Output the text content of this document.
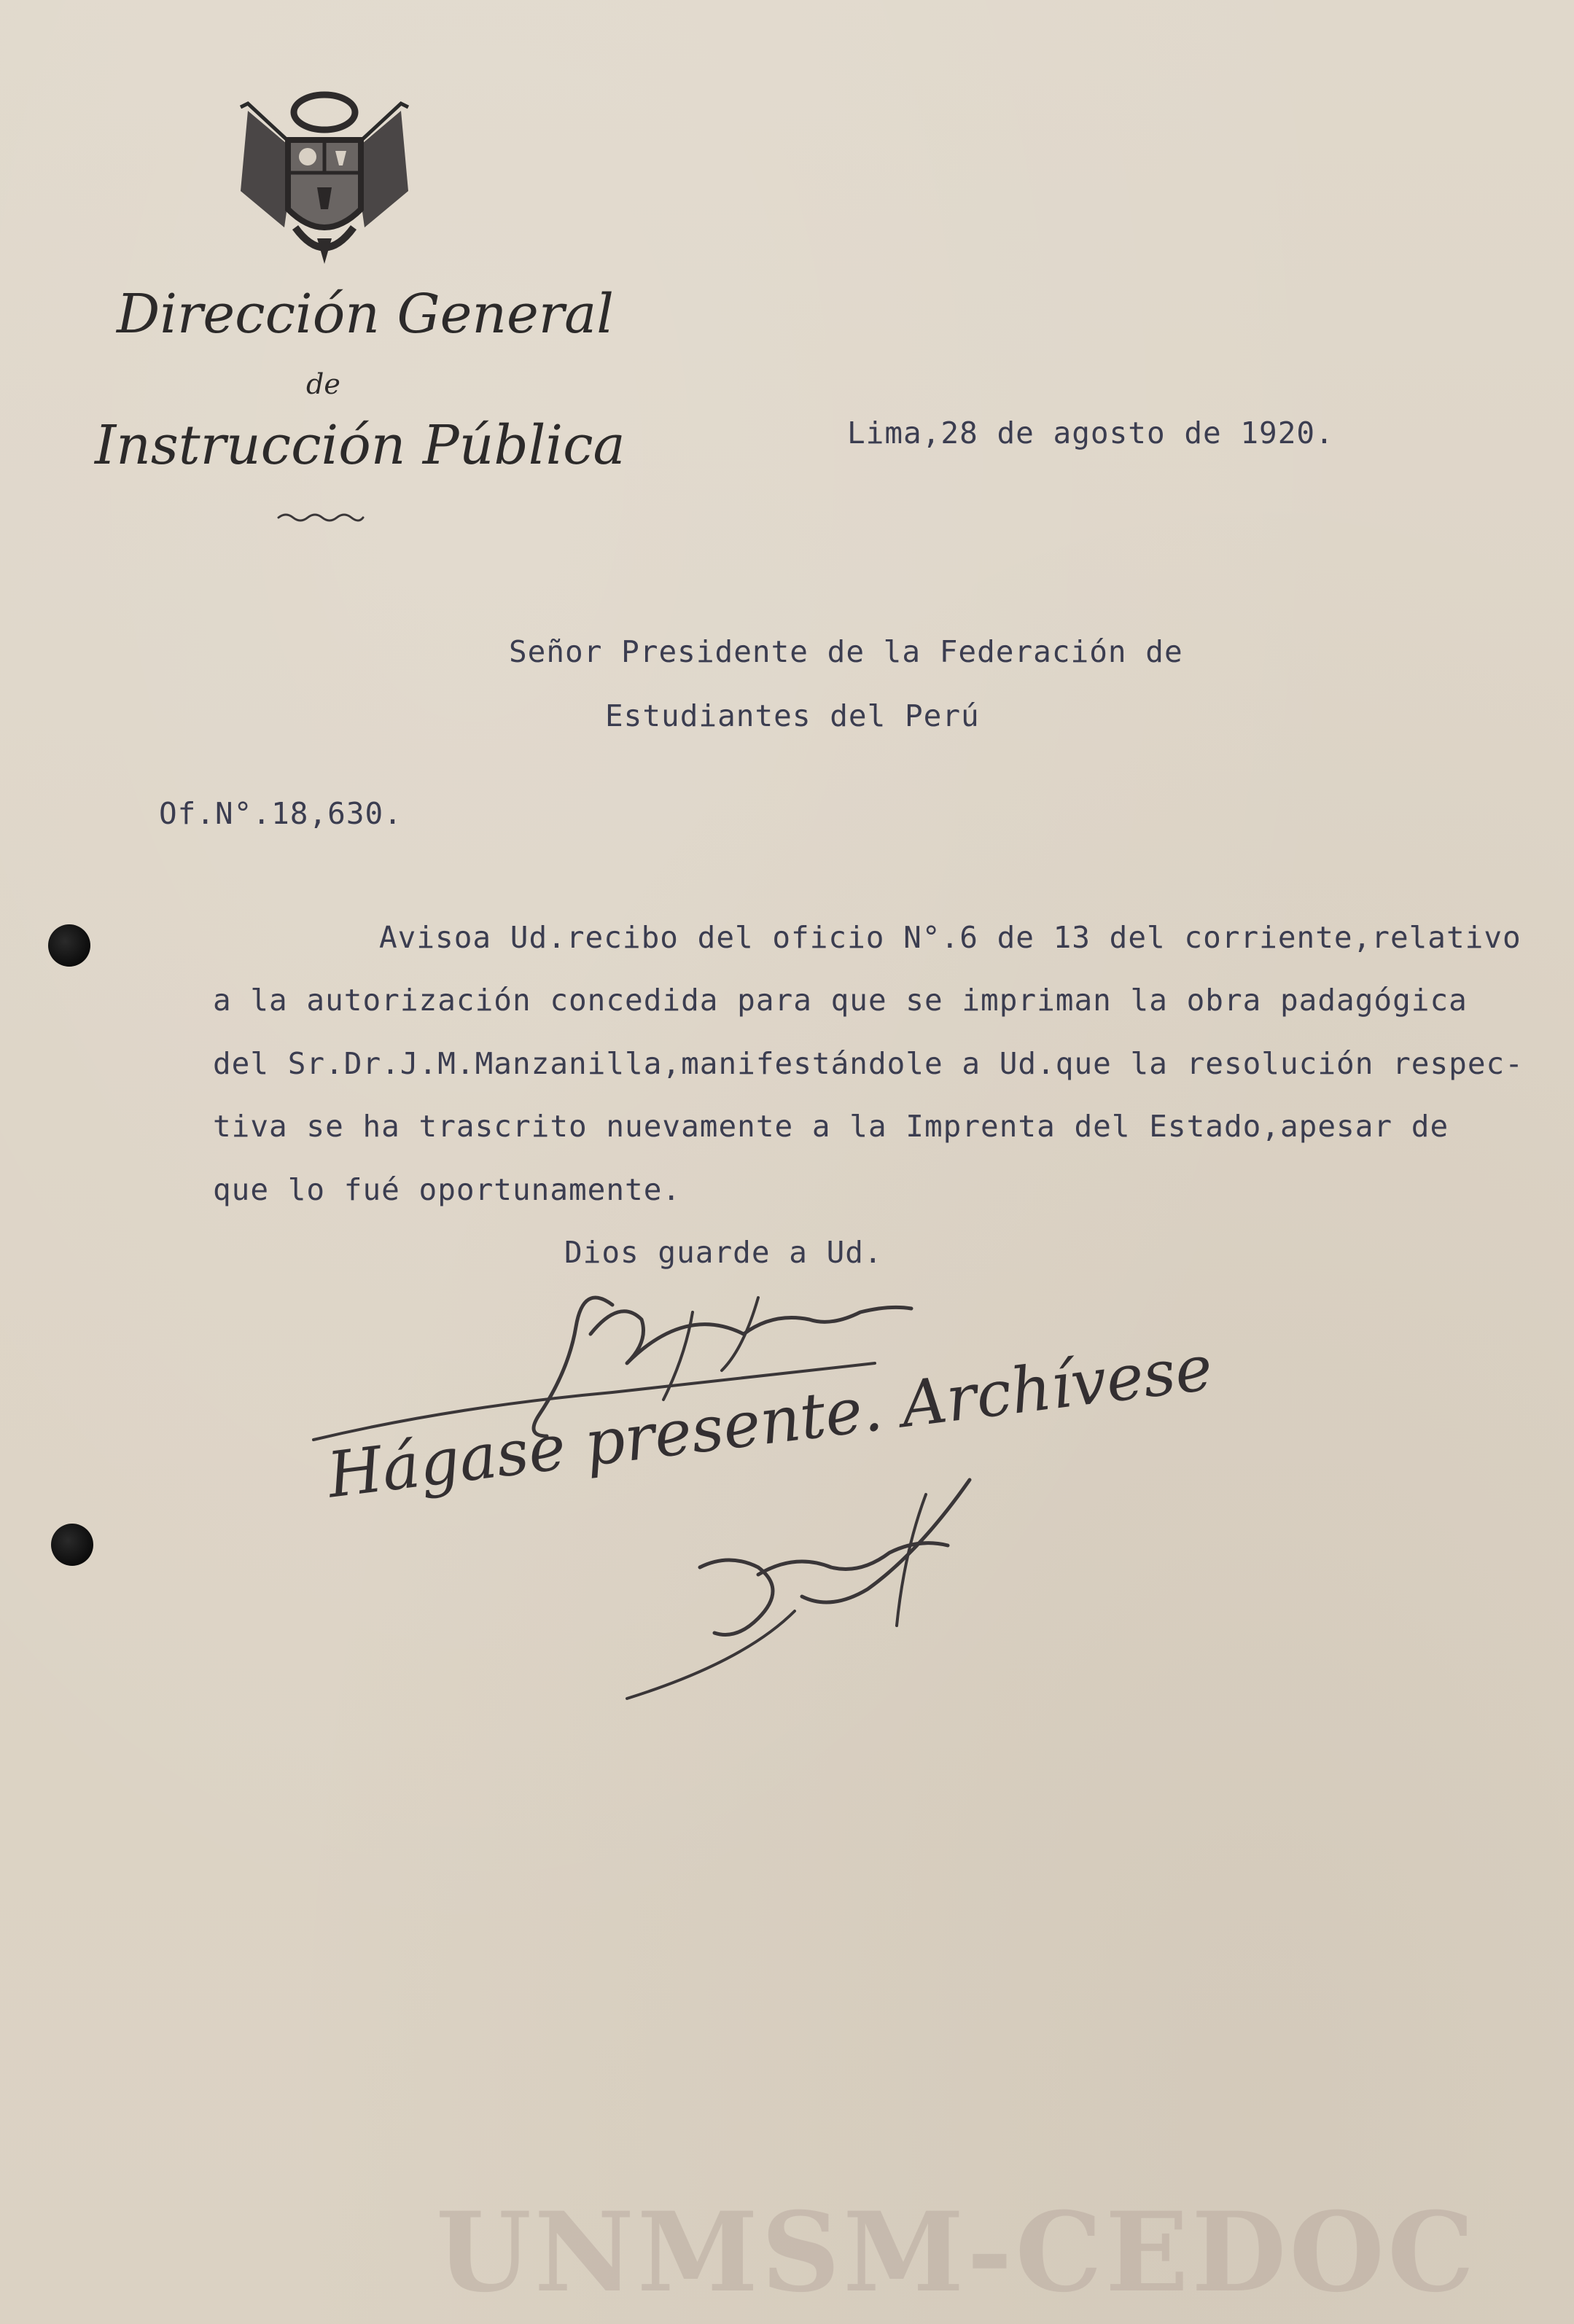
Dirección General
de
Instrucción Pública	Lima,28 de agosto de 1920.
Señor Presidente de la Federación de
Estudiantes del Perú
Of.N°.18,630.
Avisoa Ud.recibo del oficio N°.6 de 13 del corriente,relativo
a la autorización concedida para que se impriman la obra padagógica
del Sr.Dr.J.M.Manzanilla,manifestándole a Ud.que la resolución respec-
tiva se ha trascrito nuevamente a la Imprenta del Estado,apesar de
que lo fué oportunamente.
Dios guarde a Ud.
Hágase presente. Archívese
UNMSM-CEDOC
